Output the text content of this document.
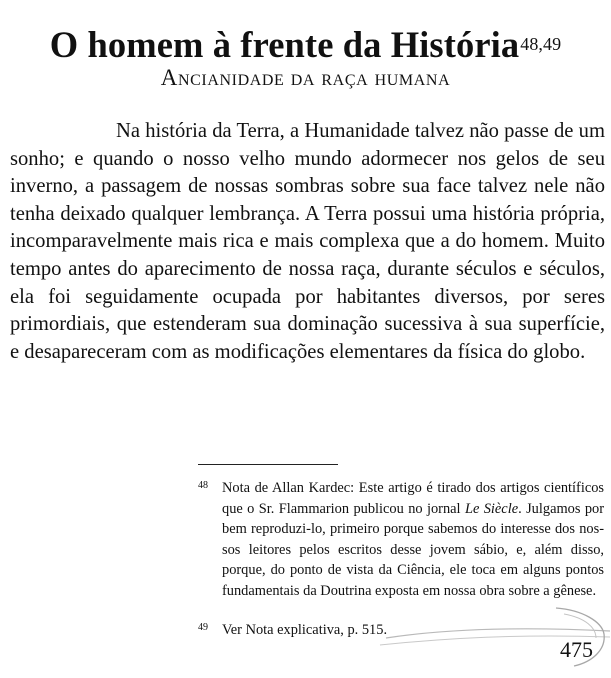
O homem à frente da História$^{48,49}$
Ancianidade da raça humana

Na história da Terra, a Humanidade talvez não passe de um sonho; e quando o nosso velho mundo adormecer nos gelos de seu inverno, a passagem de nossas sombras sobre sua face talvez nele não tenha deixado qualquer lembrança. A Terra possui uma história própria, incomparavelmente mais rica e mais complexa que a do homem. Muito tempo antes do aparecimento de nossa raça, durante séculos e séculos, ela foi seguidamente ocupada por habitantes diversos, por seres primordiais, que estenderam sua dominação sucessiva à sua superfície, e desapareceram com as modificações elementares da física do globo.

48 Nota de Allan Kardec: Este artigo é tirado dos artigos científicos que o Sr. Flammarion publicou no jornal Le Siècle. Julgamos por bem reproduzi-lo, primeiro porque sabemos do interesse dos nossos leitores pelos escritos desse jovem sábio, e, além disso, porque, do ponto de vista da Ciência, ele toca em alguns pontos fundamentais da Doutrina exposta em nossa obra sobre a gênese.
49 Ver Nota explicativa, p. 515.
475
